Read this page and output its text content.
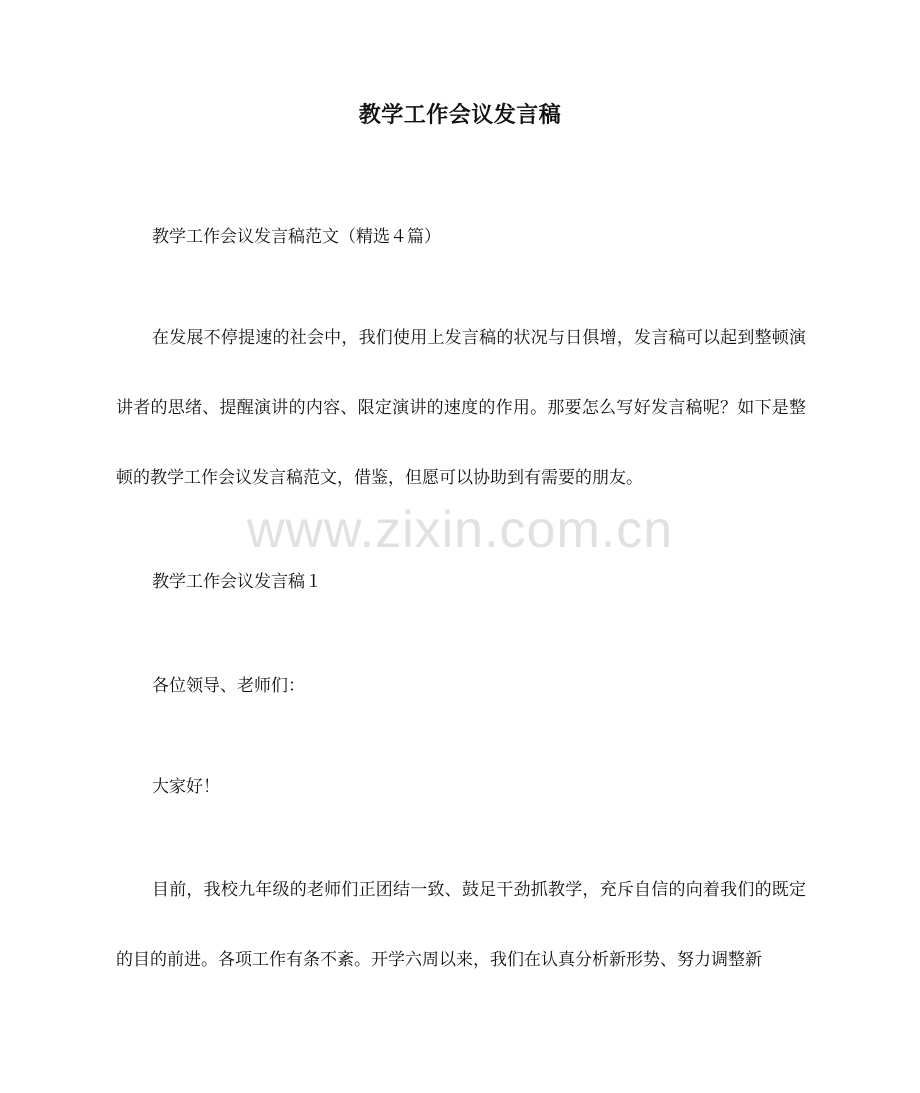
教学工作会议发言稿
教学工作会议发言稿范文（精选４篇）
在发展不停提速的社会中，我们使用上发言稿的状况与日俱增，发言稿可以起到整顿演讲者的思绪、提醒演讲的内容、限定演讲的速度的作用。那要怎么写好发言稿呢？如下是整顿的教学工作会议发言稿范文，借鉴，但愿可以协助到有需要的朋友。
www.zixin.com.cn
教学工作会议发言稿１
各位领导、老师们：
大家好！
目前，我校九年级的老师们正团结一致、鼓足干劲抓教学，充斥自信的向着我们的既定的目的前进。各项工作有条不紊。开学六周以来，我们在认真分析新形势、努力调整新
